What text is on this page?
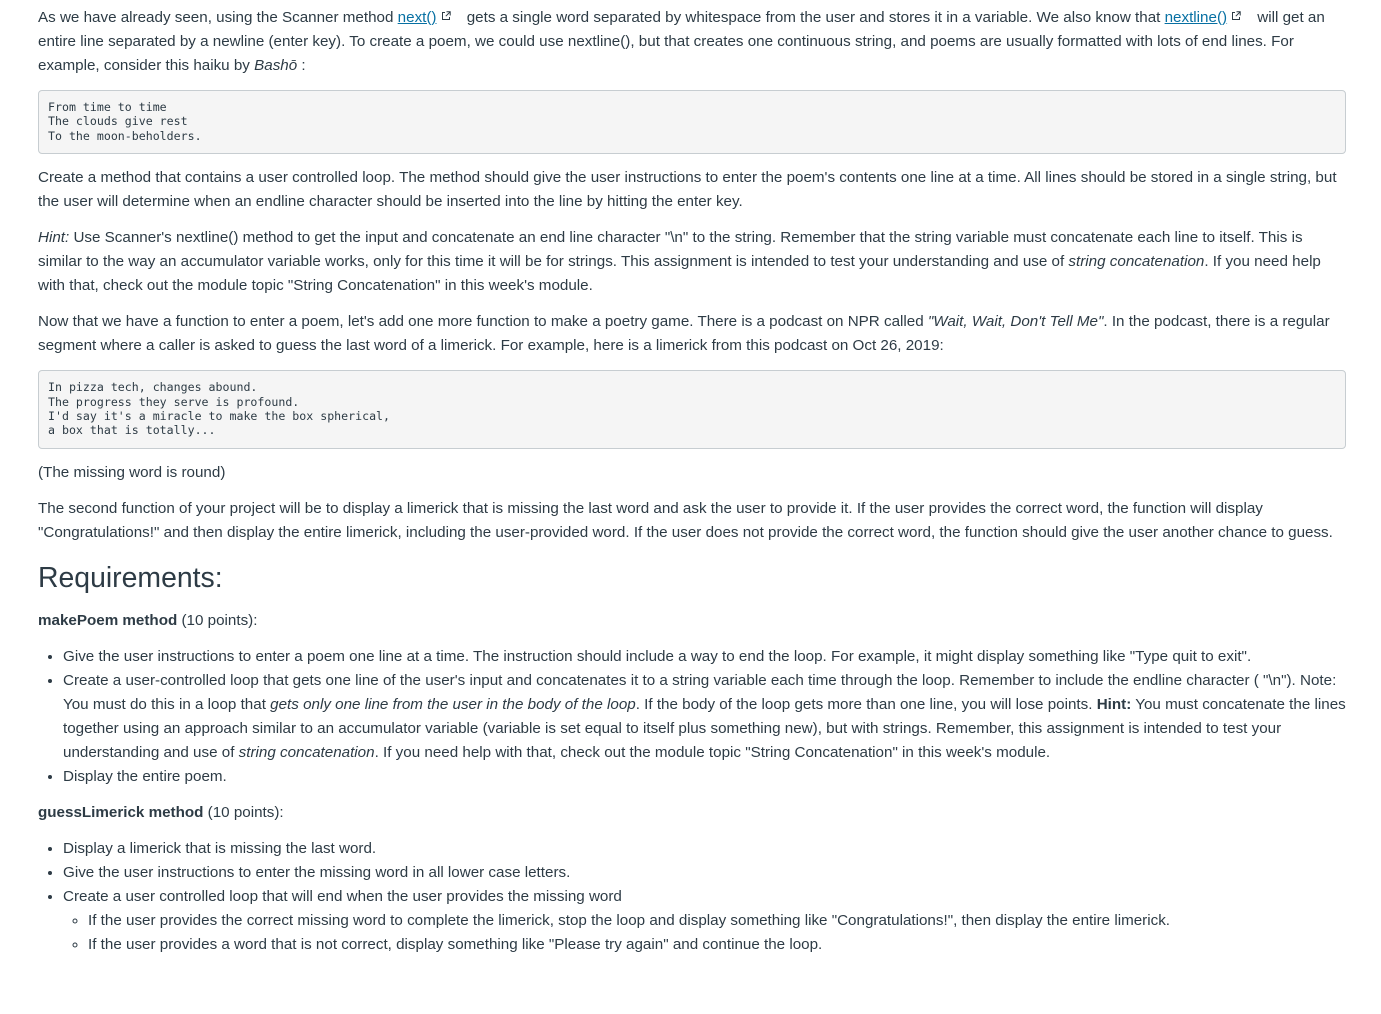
As we have already seen, using the Scanner method next()
gets a single word separated by whitespace from the user and stores it in a variable. We also know that nextline()
will get an entire line separated by a newline (enter key). To create a poem, we could use nextline(), but that creates one continuous string, and poems are usually formatted with lots of end lines. For example, consider this haiku by Bashō :

From time to time
The clouds give rest
To the moon-beholders.

Create a method that contains a user controlled loop. The method should give the user instructions to enter the poem's contents one line at a time. All lines should be stored in a single string, but the user will determine when an endline character should be inserted into the line by hitting the enter key.

Hint: Use Scanner's nextline() method to get the input and concatenate an end line character "\n" to the string. Remember that the string variable must concatenate each line to itself. This is similar to the way an accumulator variable works, only for this time it will be for strings. This assignment is intended to test your understanding and use of string concatenation. If you need help with that, check out the module topic "String Concatenation" in this week's module.

Now that we have a function to enter a poem, let's add one more function to make a poetry game. There is a podcast on NPR called "Wait, Wait, Don't Tell Me". In the podcast, there is a regular segment where a caller is asked to guess the last word of a limerick. For example, here is a limerick from this podcast on Oct 26, 2019:

In pizza tech, changes abound.
The progress they serve is profound.
I'd say it's a miracle to make the box spherical,
a box that is totally...

(The missing word is round)

The second function of your project will be to display a limerick that is missing the last word and ask the user to provide it. If the user provides the correct word, the function will display "Congratulations!" and then display the entire limerick, including the user-provided word. If the user does not provide the correct word, the function should give the user another chance to guess.

Requirements:

makePoem method (10 points):

• Give the user instructions to enter a poem one line at a time. The instruction should include a way to end the loop. For example, it might display something like "Type quit to exit".
• Create a user-controlled loop that gets one line of the user's input and concatenates it to a string variable each time through the loop. Remember to include the endline character ( "\n"). Note: You must do this in a loop that gets only one line from the user in the body of the loop. If the body of the loop gets more than one line, you will lose points. Hint: You must concatenate the lines together using an approach similar to an accumulator variable (variable is set equal to itself plus something new), but with strings. Remember, this assignment is intended to test your understanding and use of string concatenation. If you need help with that, check out the module topic "String Concatenation" in this week's module.
• Display the entire poem.

guessLimerick method (10 points):

• Display a limerick that is missing the last word.
• Give the user instructions to enter the missing word in all lower case letters.
• Create a user controlled loop that will end when the user provides the missing word
◦ If the user provides the correct missing word to complete the limerick, stop the loop and display something like "Congratulations!", then display the entire limerick.
◦ If the user provides a word that is not correct, display something like "Please try again" and continue the loop.
